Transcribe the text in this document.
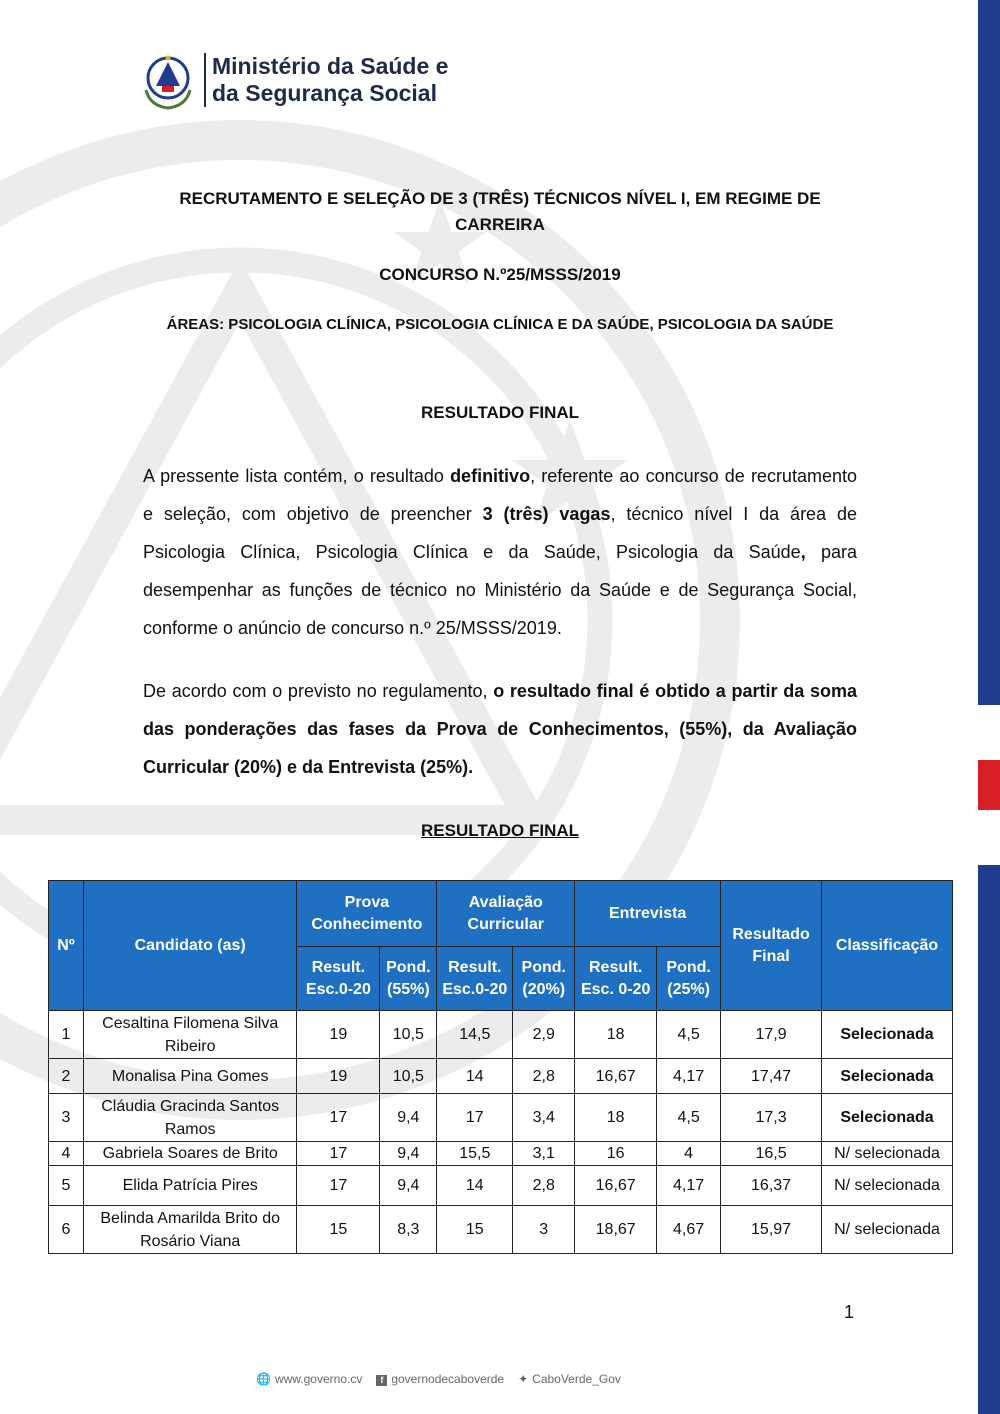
Ministério da Saúde e
da Segurança Social
RECRUTAMENTO E SELEÇÃO DE 3 (TRÊS) TÉCNICOS NÍVEL I, EM REGIME DE
CARREIRA
CONCURSO N.º25/MSSS/2019
ÁREAS: PSICOLOGIA CLÍNICA, PSICOLOGIA CLÍNICA E DA SAÚDE, PSICOLOGIA DA SAÚDE
RESULTADO FINAL
A pressente lista contém, o resultado definitivo, referente ao concurso de recrutamento e seleção, com objetivo de preencher 3 (três) vagas, técnico nível I da área de Psicologia Clínica, Psicologia Clínica e da Saúde, Psicologia da Saúde, para desempenhar as funções de técnico no Ministério da Saúde e de Segurança Social, conforme o anúncio de concurso n.º 25/MSSS/2019.
De acordo com o previsto no regulamento, o resultado final é obtido a partir da soma das ponderações das fases da Prova de Conhecimentos, (55%), da Avaliação Curricular (20%) e da Entrevista (25%).
RESULTADO FINAL
Nº	Candidato (as)	Prova Conhecimento		Avaliação Curricular		Entrevista		Resultado Final	Classificação
		Result. Esc.0-20	Pond. (55%)	Result. Esc.0-20	Pond. (20%)	Result. Esc. 0-20	Pond. (25%)		
1	Cesaltina Filomena Silva Ribeiro	19	10,5	14,5	2,9	18	4,5	17,9	Selecionada
2	Monalisa Pina Gomes	19	10,5	14	2,8	16,67	4,17	17,47	Selecionada
3	Cláudia Gracinda Santos Ramos	17	9,4	17	3,4	18	4,5	17,3	Selecionada
4	Gabriela Soares de Brito	17	9,4	15,5	3,1	16	4	16,5	N/ selecionada
5	Elida Patrícia Pires	17	9,4	14	2,8	16,67	4,17	16,37	N/ selecionada
6	Belinda Amarilda Brito do Rosário Viana	15	8,3	15	3	18,67	4,67	15,97	N/ selecionada
1
🌐 www.governo.cv	f governodecaboverde ✦ CaboVerde_Gov
